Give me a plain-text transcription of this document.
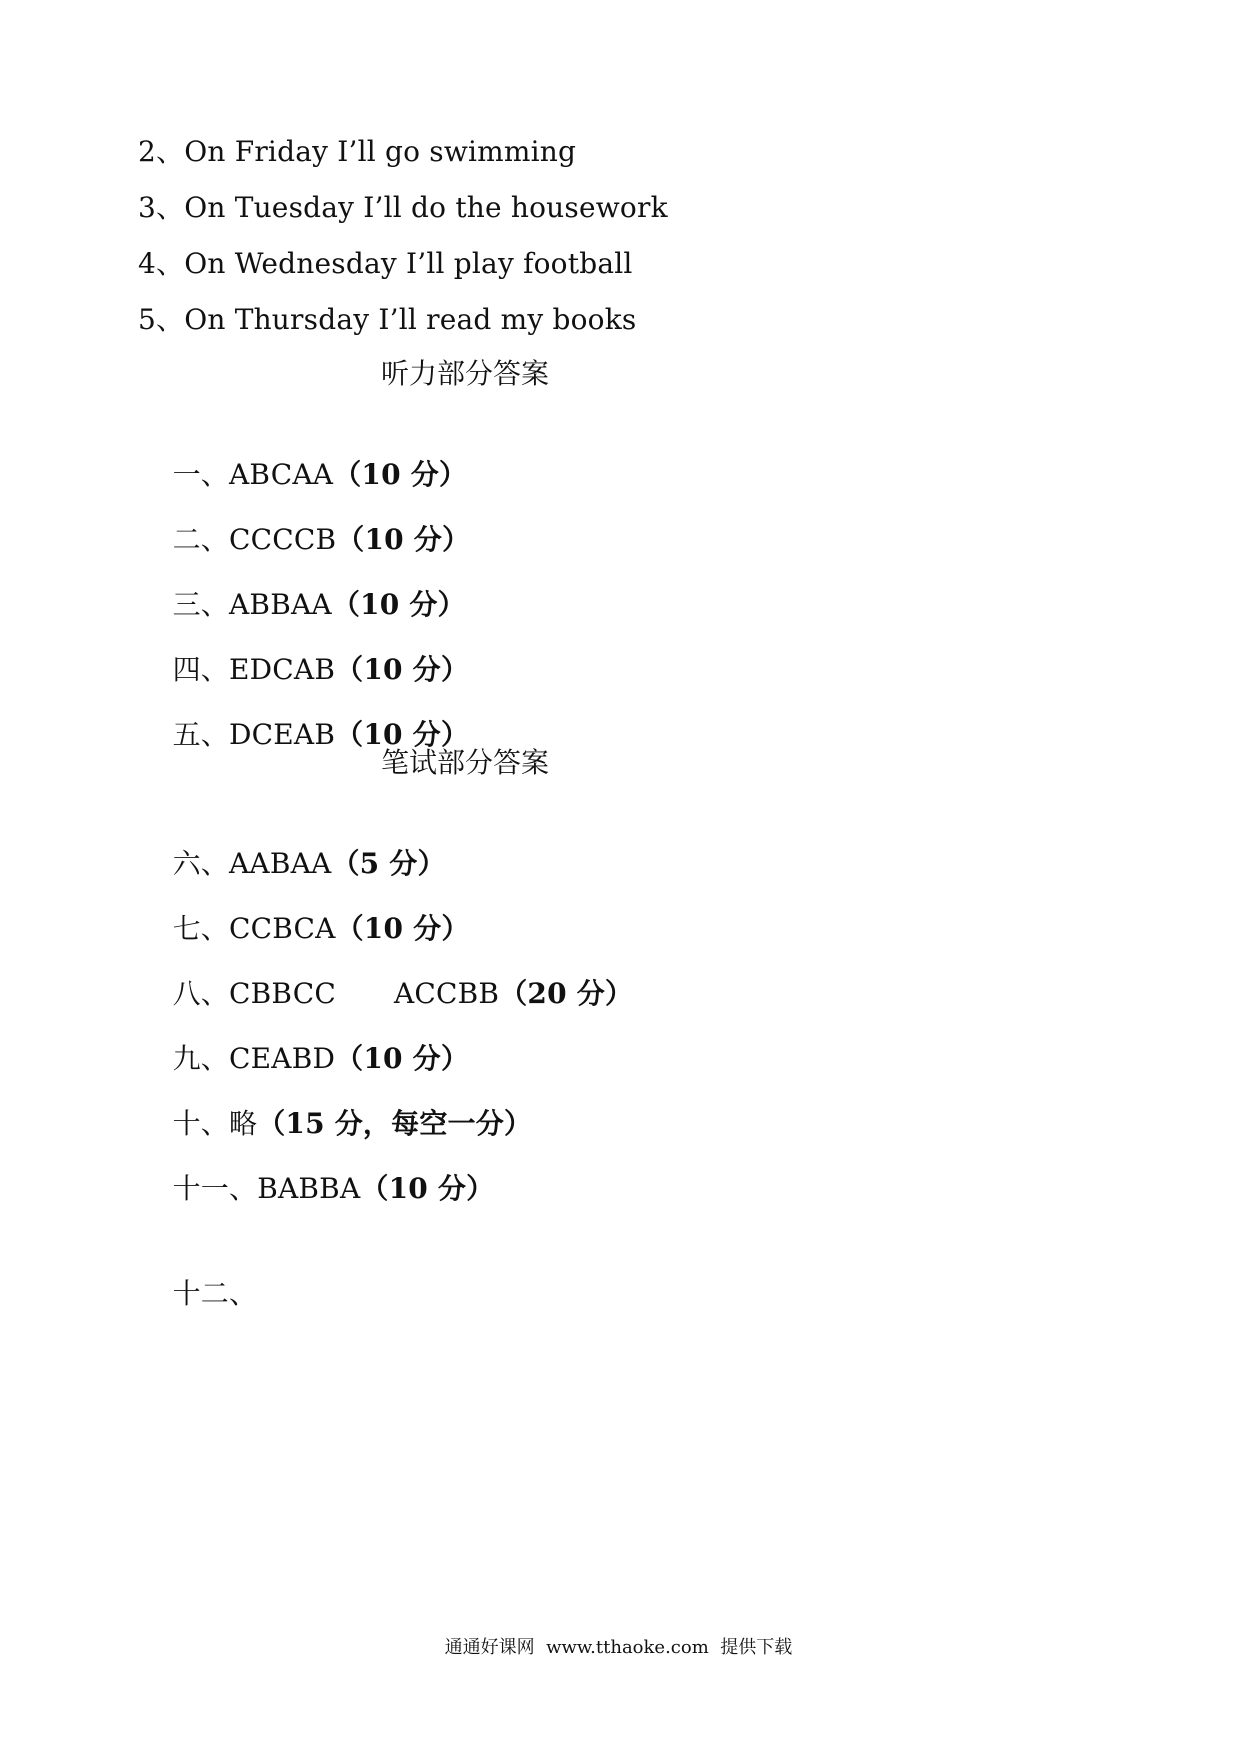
2、On Friday I’ll go swimming
3、On Tuesday I’ll do the housework
4、On Wednesday I’ll play football
5、On Thursday I’ll read my books
听力部分答案

一、ABCAA（10 分）

二、CCCCB（10 分）

三、ABBAA（10 分）

四、EDCAB（10 分）

五、DCEAB（10 分）

笔试部分答案

六、AABAA（5 分）

七、CCBCA（10 分）

八、CBBCC ACCBB（20 分）

九、CEABD（10 分）

十、略（15 分，每空一分）

十一、BABBA（10 分）

十二、

通通好课网  www.tthaoke.com  提供下载
